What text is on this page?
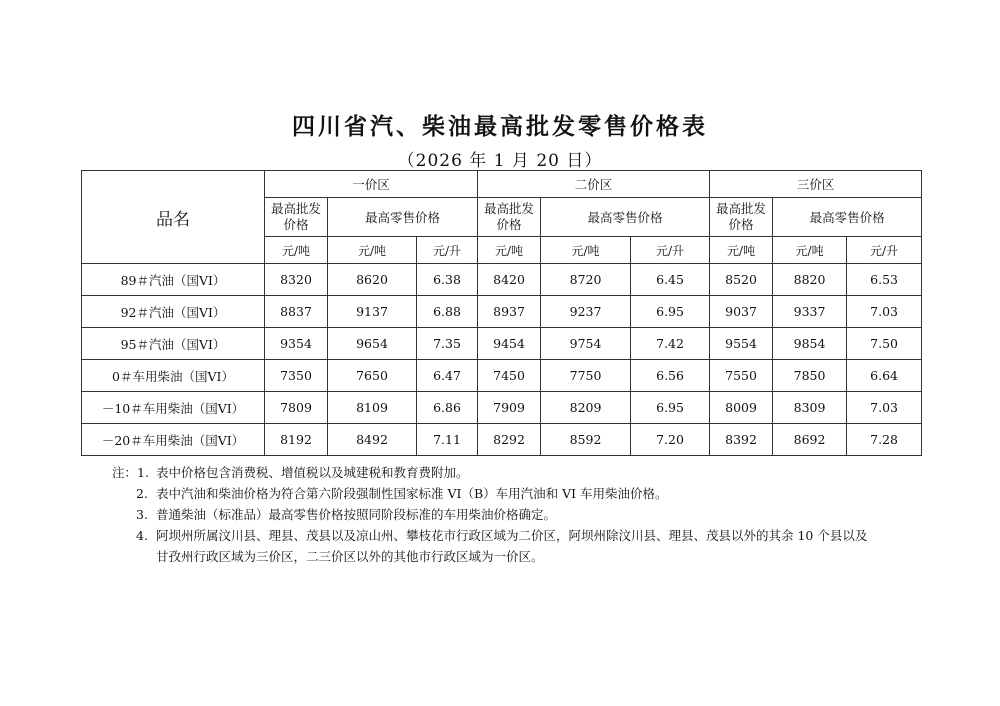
四川省汽、柴油最高批发零售价格表
（2026 年 1 月 20 日）
品名	一价区			二价区			三价区		
	最高批发价格	最高零售价格		最高批发价格	最高零售价格		最高批发价格	最高零售价格	
	元/吨	元/吨	元/升	元/吨	元/吨	元/升	元/吨	元/吨	元/升
89＃汽油（国VI）	8320	8620	6.38	8420	8720	6.45	8520	8820	6.53
92＃汽油（国VI）	8837	9137	6.88	8937	9237	6.95	9037	9337	7.03
95＃汽油（国VI）	9354	9654	7.35	9454	9754	7.42	9554	9854	7.50
0＃车用柴油（国VI）	7350	7650	6.47	7450	7750	6.56	7550	7850	6.64
－10＃车用柴油（国VI）	7809	8109	6.86	7909	8209	6.95	8009	8309	7.03
－20＃车用柴油（国VI）	8192	8492	7.11	8292	8592	7.20	8392	8692	7.28
注：1. 表中价格包含消费税、增值税以及城建税和教育费附加。
2. 表中汽油和柴油价格为符合第六阶段强制性国家标准 VI（B）车用汽油和 VI 车用柴油价格。
3. 普通柴油（标准品）最高零售价格按照同阶段标准的车用柴油价格确定。
4. 阿坝州所属汶川县、理县、茂县以及凉山州、攀枝花市行政区域为二价区，阿坝州除汶川县、理县、茂县以外的其余 10 个县以及甘孜州行政区域为三价区，二三价区以外的其他市行政区域为一价区。
